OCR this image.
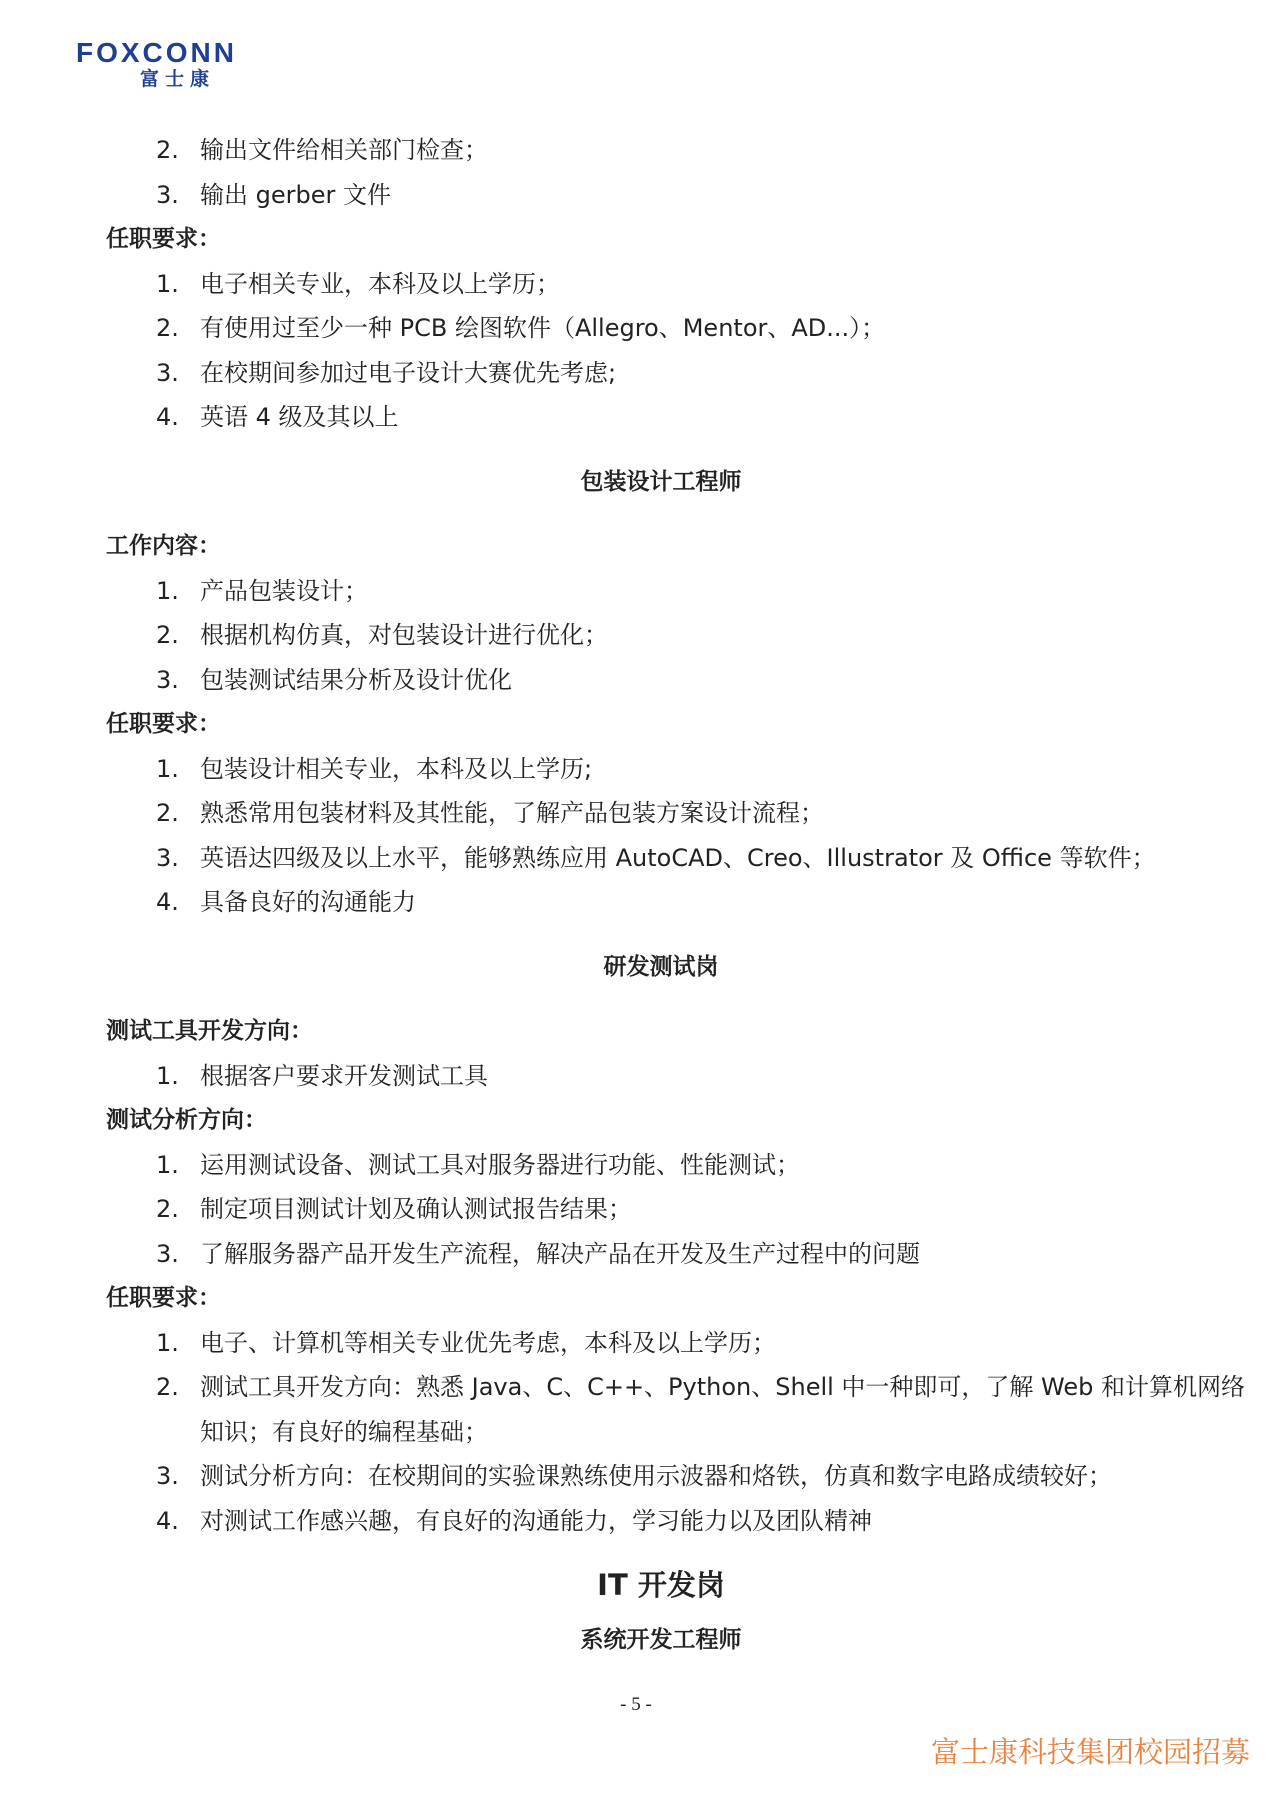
FOXCONN
富士康
2. 输出文件给相关部门检查；
3. 输出 gerber 文件
任职要求：
1. 电子相关专业，本科及以上学历；
2. 有使用过至少一种 PCB 绘图软件（Allegro、Mentor、AD...）；
3. 在校期间参加过电子设计大赛优先考虑;
4. 英语 4 级及其以上
包装设计工程师
工作内容：
1. 产品包装设计；
2. 根据机构仿真，对包装设计进行优化；
3. 包装测试结果分析及设计优化
任职要求：
1. 包装设计相关专业，本科及以上学历;
2. 熟悉常用包装材料及其性能，了解产品包装方案设计流程；
3. 英语达四级及以上水平，能够熟练应用 AutoCAD、Creo、Illustrator 及 Office 等软件；
4. 具备良好的沟通能力
研发测试岗
测试工具开发方向：
1. 根据客户要求开发测试工具
测试分析方向：
1. 运用测试设备、测试工具对服务器进行功能、性能测试；
2. 制定项目测试计划及确认测试报告结果；
3. 了解服务器产品开发生产流程，解决产品在开发及生产过程中的问题
任职要求：
1. 电子、计算机等相关专业优先考虑，本科及以上学历；
2. 测试工具开发方向：熟悉 Java、C、C++、Python、Shell 中一种即可，了解 Web 和计算机网络知识；有良好的编程基础；
3. 测试分析方向：在校期间的实验课熟练使用示波器和烙铁，仿真和数字电路成绩较好；
4. 对测试工作感兴趣，有良好的沟通能力，学习能力以及团队精神
IT 开发岗
系统开发工程师
- 5 -
富士康科技集团校园招募
